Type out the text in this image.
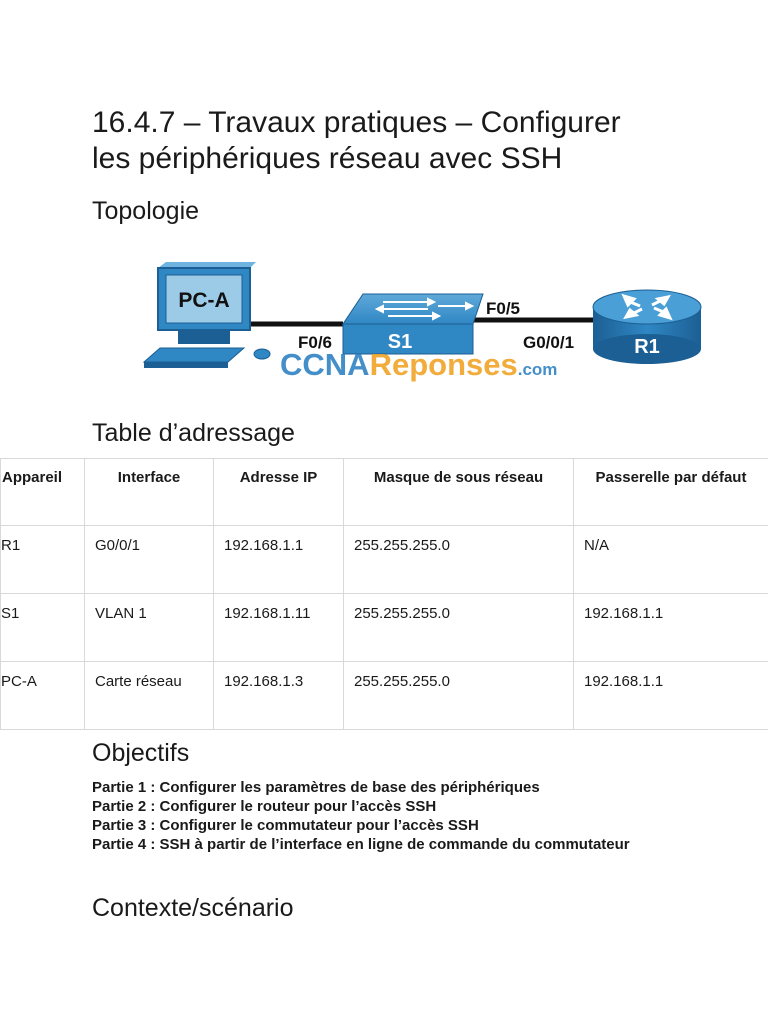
16.4.7 – Travaux pratiques – Configurer
les périphériques réseau avec SSH
Topologie
PC-A
S1	R1
F0/6
F0/5
G0/0/1
CCNAReponses.com
Table d’adressage
Appareil	Interface	Adresse IP	Masque de sous réseau	Passerelle par défaut
R1	G0/0/1	192.168.1.1	255.255.255.0	N/A
S1	VLAN 1	192.168.1.11	255.255.255.0	192.168.1.1
PC-A	Carte réseau	192.168.1.3	255.255.255.0	192.168.1.1
Objectifs
Partie 1 : Configurer les paramètres de base des périphériques
Partie 2 : Configurer le routeur pour l’accès SSH
Partie 3 : Configurer le commutateur pour l’accès SSH
Partie 4 : SSH à partir de l’interface en ligne de commande du commutateur
Contexte/scénario
